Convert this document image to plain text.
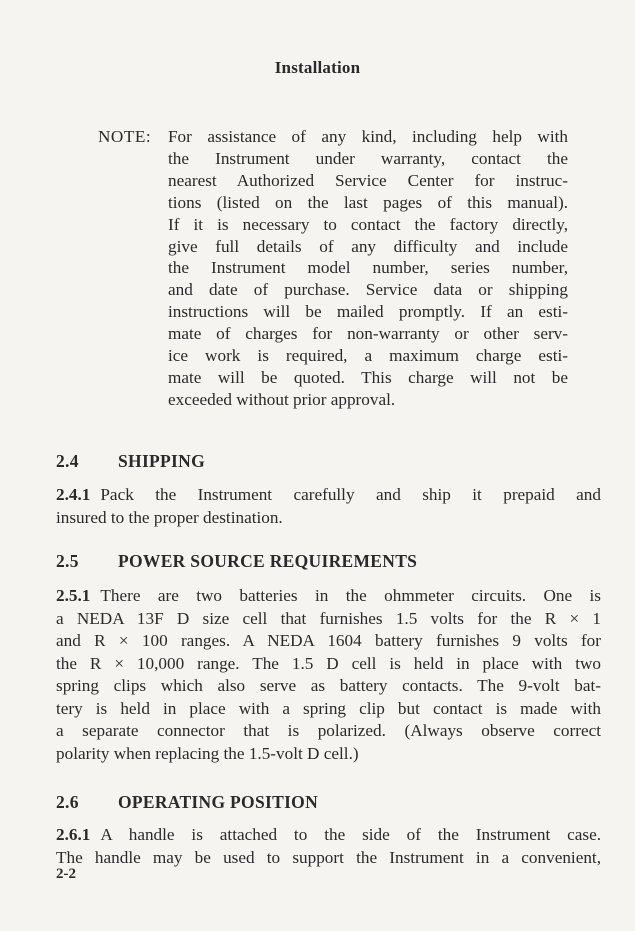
Installation
NOTE: For assistance of any kind, including help with
the Instrument under warranty, contact the
nearest Authorized Service Center for instruc-
tions (listed on the last pages of this manual).
If it is necessary to contact the factory directly,
give full details of any difficulty and include
the Instrument model number, series number,
and date of purchase. Service data or shipping
instructions will be mailed promptly. If an esti-
mate of charges for non-warranty or other serv-
ice work is required, a maximum charge esti-
mate will be quoted. This charge will not be
exceeded without prior approval.
2.4 SHIPPING
2.4.1 Pack the Instrument carefully and ship it prepaid and
insured to the proper destination.
2.5 POWER SOURCE REQUIREMENTS
2.5.1 There are two batteries in the ohmmeter circuits. One is
a NEDA 13F D size cell that furnishes 1.5 volts for the R × 1
and R × 100 ranges. A NEDA 1604 battery furnishes 9 volts for
the R × 10,000 range. The 1.5 D cell is held in place with two
spring clips which also serve as battery contacts. The 9-volt bat-
tery is held in place with a spring clip but contact is made with
a separate connector that is polarized. (Always observe correct
polarity when replacing the 1.5-volt D cell.)
2.6 OPERATING POSITION
2.6.1 A handle is attached to the side of the Instrument case.
The handle may be used to support the Instrument in a convenient,
2-2
